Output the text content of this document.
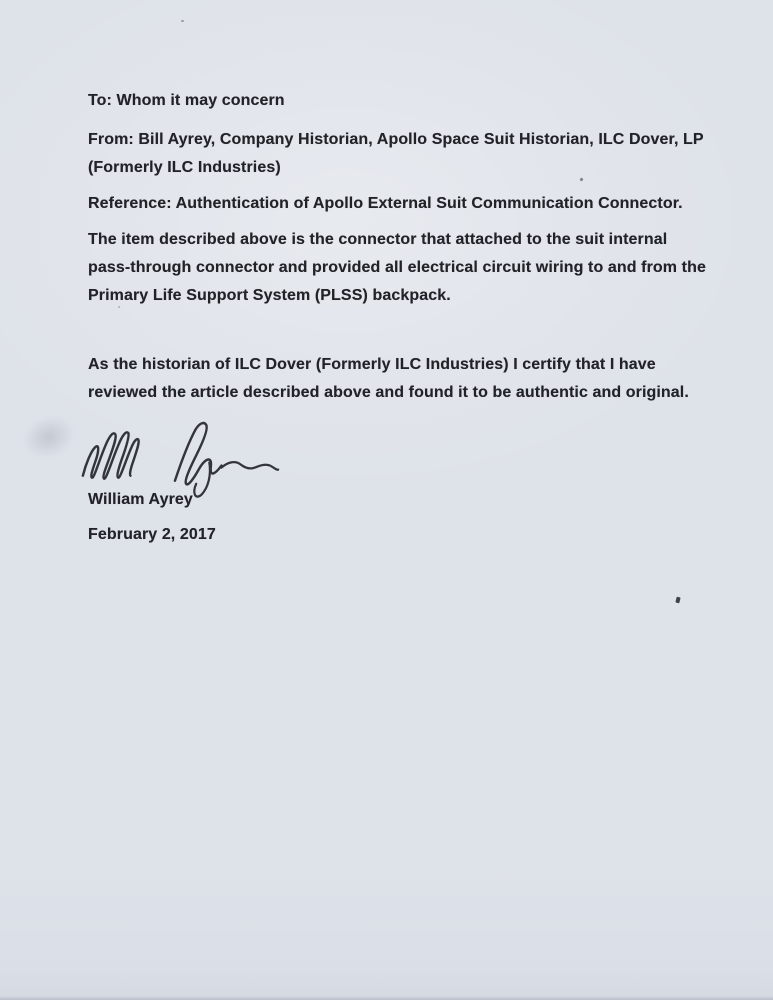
To: Whom it may concern

From: Bill Ayrey, Company Historian, Apollo Space Suit Historian, ILC Dover, LP

(Formerly ILC Industries)

Reference: Authentication of Apollo External Suit Communication Connector.

The item described above is the connector that attached to the suit internal

pass-through connector and provided all electrical circuit wiring to and from the

Primary Life Support System (PLSS) backpack.

As the historian of ILC Dover (Formerly ILC Industries) I certify that I have

reviewed the article described above and found it to be authentic and original.

William Ayrey

February 2, 2017
